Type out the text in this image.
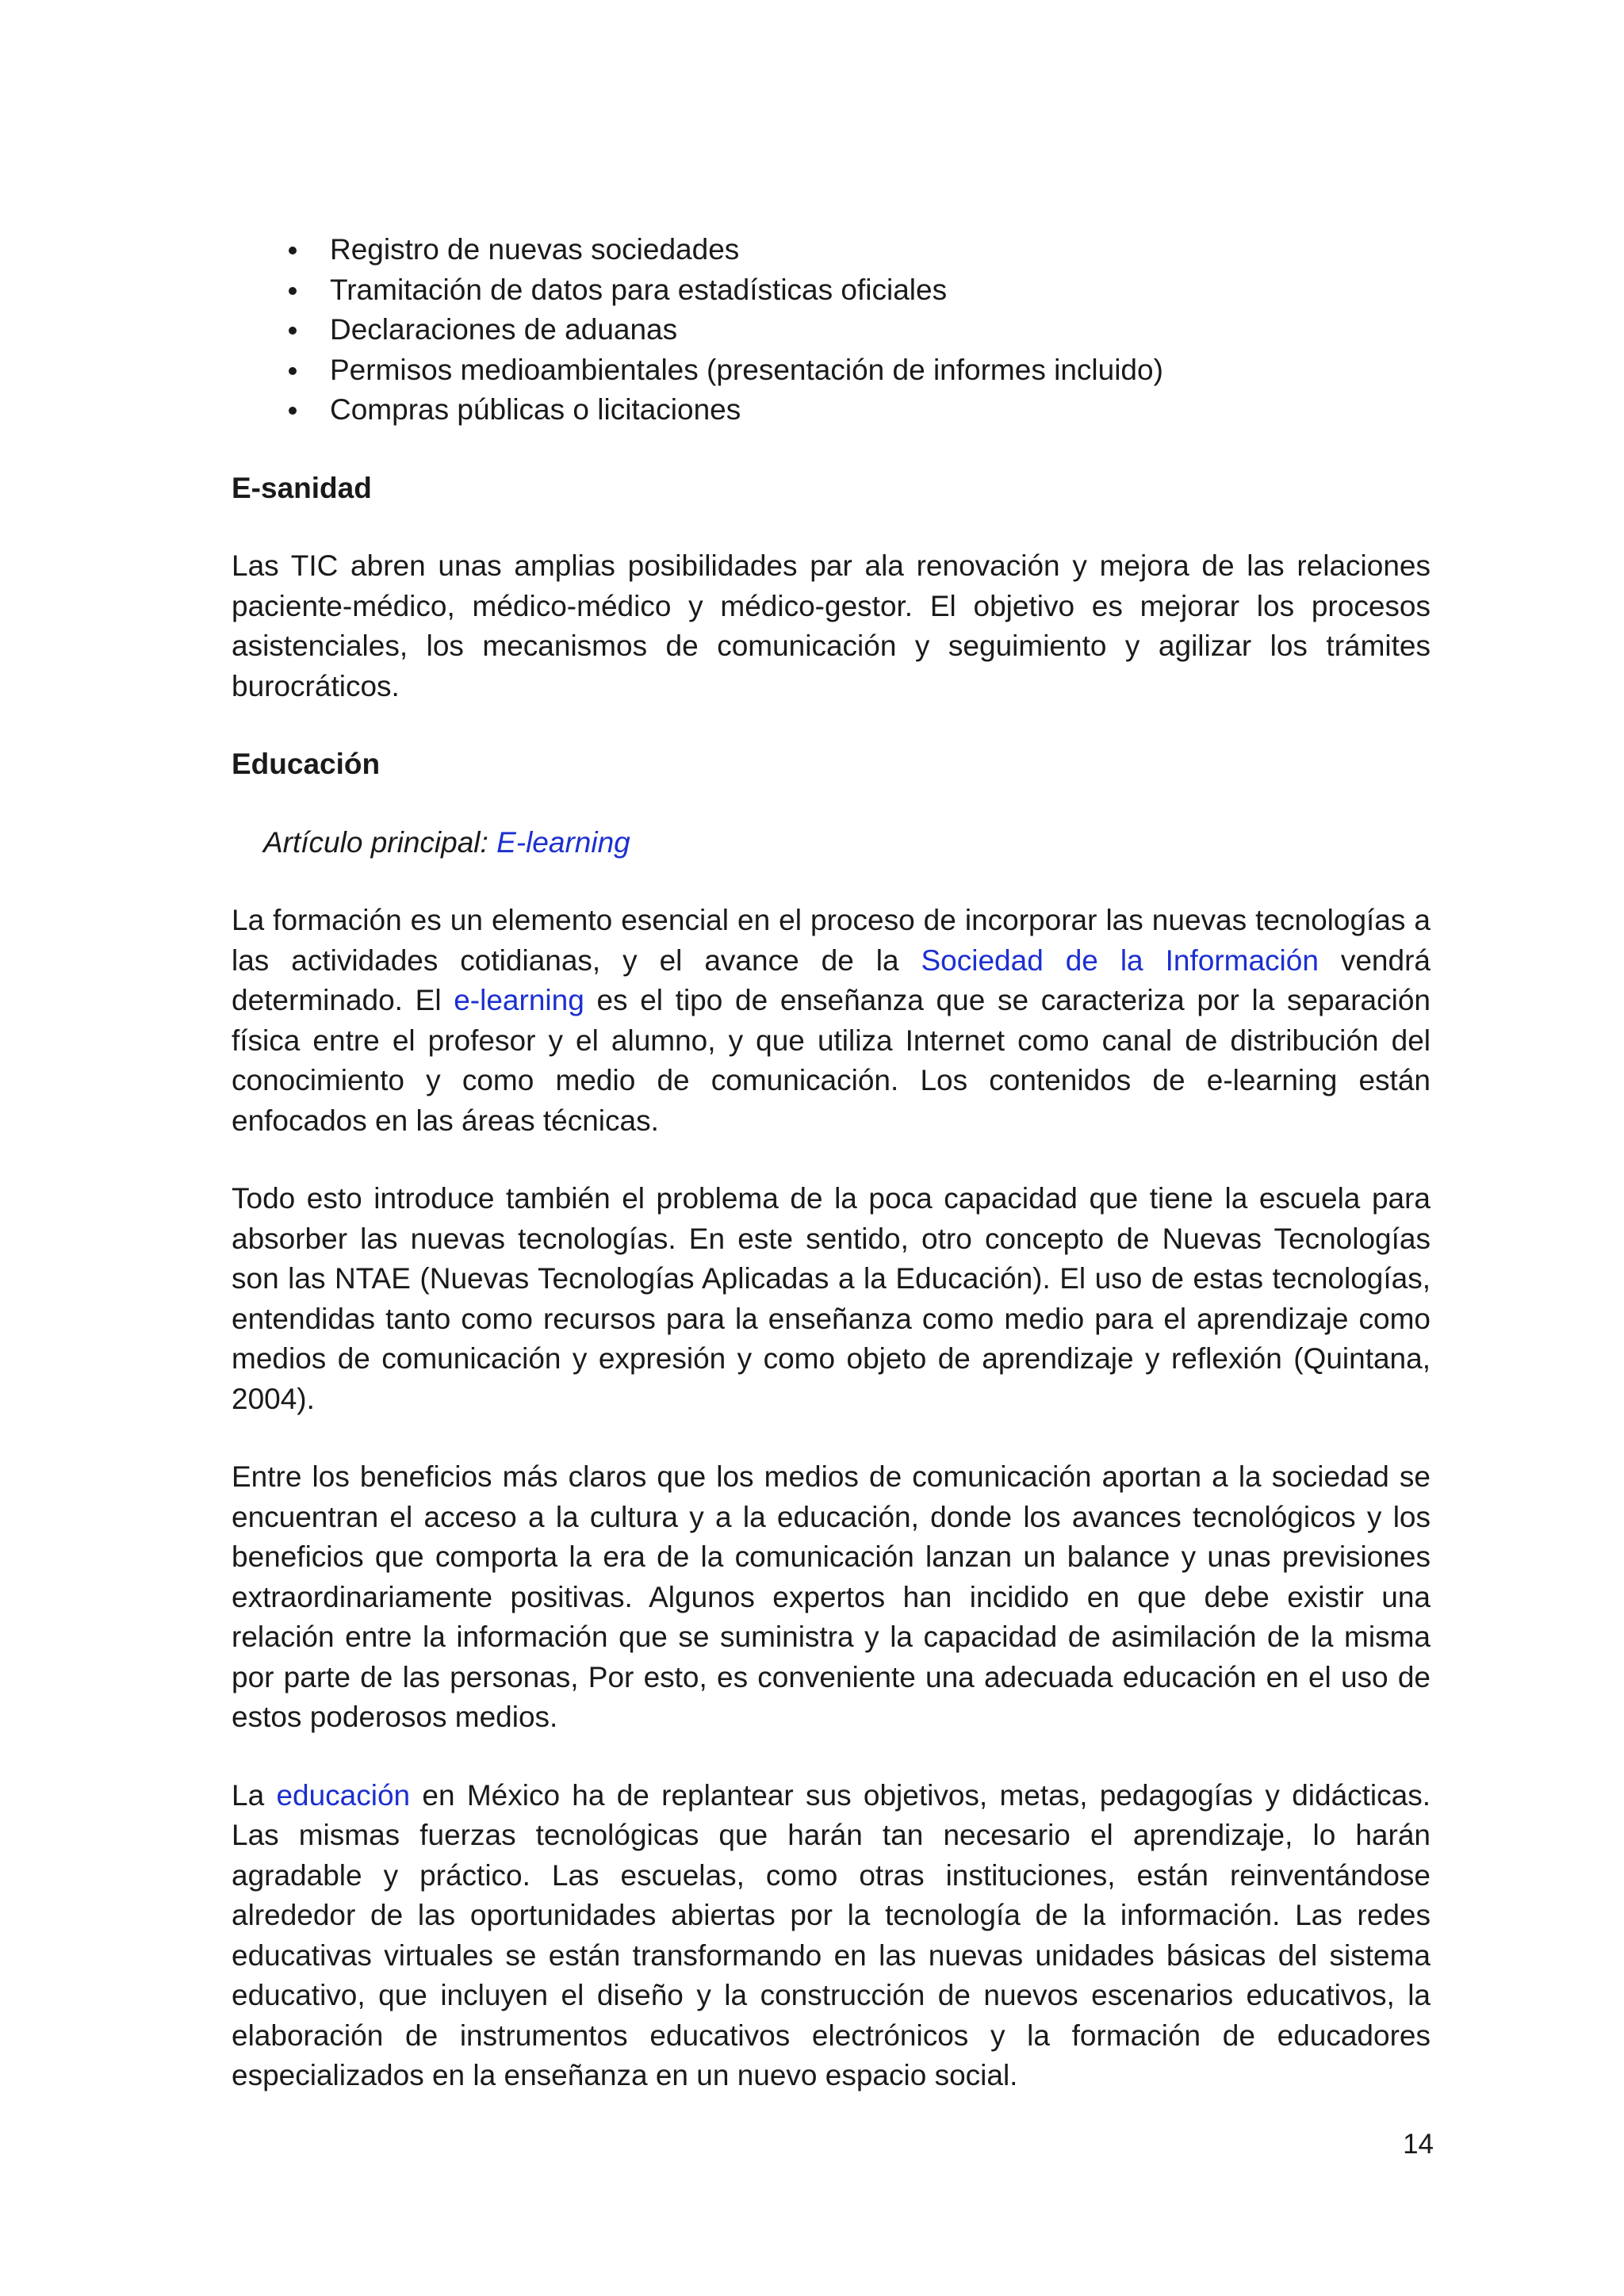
Registro de nuevas sociedades
Tramitación de datos para estadísticas oficiales
Declaraciones de aduanas
Permisos medioambientales (presentación de informes incluido)
Compras públicas o licitaciones

E-sanidad

Las TIC abren unas amplias posibilidades par ala renovación y mejora de las relaciones paciente-médico, médico-médico y médico-gestor. El objetivo es mejorar los procesos asistenciales, los mecanismos de comunicación y seguimiento y agilizar los trámites burocráticos.

Educación

Artículo principal: E-learning

La formación es un elemento esencial en el proceso de incorporar las nuevas tecnologías a las actividades cotidianas, y el avance de la Sociedad de la Información vendrá determinado. El e-learning es el tipo de enseñanza que se caracteriza por la separación física entre el profesor y el alumno, y que utiliza Internet como canal de distribución del conocimiento y como medio de comunicación. Los contenidos de e-learning están enfocados en las áreas técnicas.

Todo esto introduce también el problema de la poca capacidad que tiene la escuela para absorber las nuevas tecnologías. En este sentido, otro concepto de Nuevas Tecnologías son las NTAE (Nuevas Tecnologías Aplicadas a la Educación). El uso de estas tecnologías, entendidas tanto como recursos para la enseñanza como medio para el aprendizaje como medios de comunicación y expresión y como objeto de aprendizaje y reflexión (Quintana, 2004).

Entre los beneficios más claros que los medios de comunicación aportan a la sociedad se encuentran el acceso a la cultura y a la educación, donde los avances tecnológicos y los beneficios que comporta la era de la comunicación lanzan un balance y unas previsiones extraordinariamente positivas. Algunos expertos han incidido en que debe existir una relación entre la información que se suministra y la capacidad de asimilación de la misma por parte de las personas, Por esto, es conveniente una adecuada educación en el uso de estos poderosos medios.

La educación en México ha de replantear sus objetivos, metas, pedagogías y didácticas. Las mismas fuerzas tecnológicas que harán tan necesario el aprendizaje, lo harán agradable y práctico. Las escuelas, como otras instituciones, están reinventándose alrededor de las oportunidades abiertas por la tecnología de la información. Las redes educativas virtuales se están transformando en las nuevas unidades básicas del sistema educativo, que incluyen el diseño y la construcción de nuevos escenarios educativos, la elaboración de instrumentos educativos electrónicos y la formación de educadores especializados en la enseñanza en un nuevo espacio social.

14
